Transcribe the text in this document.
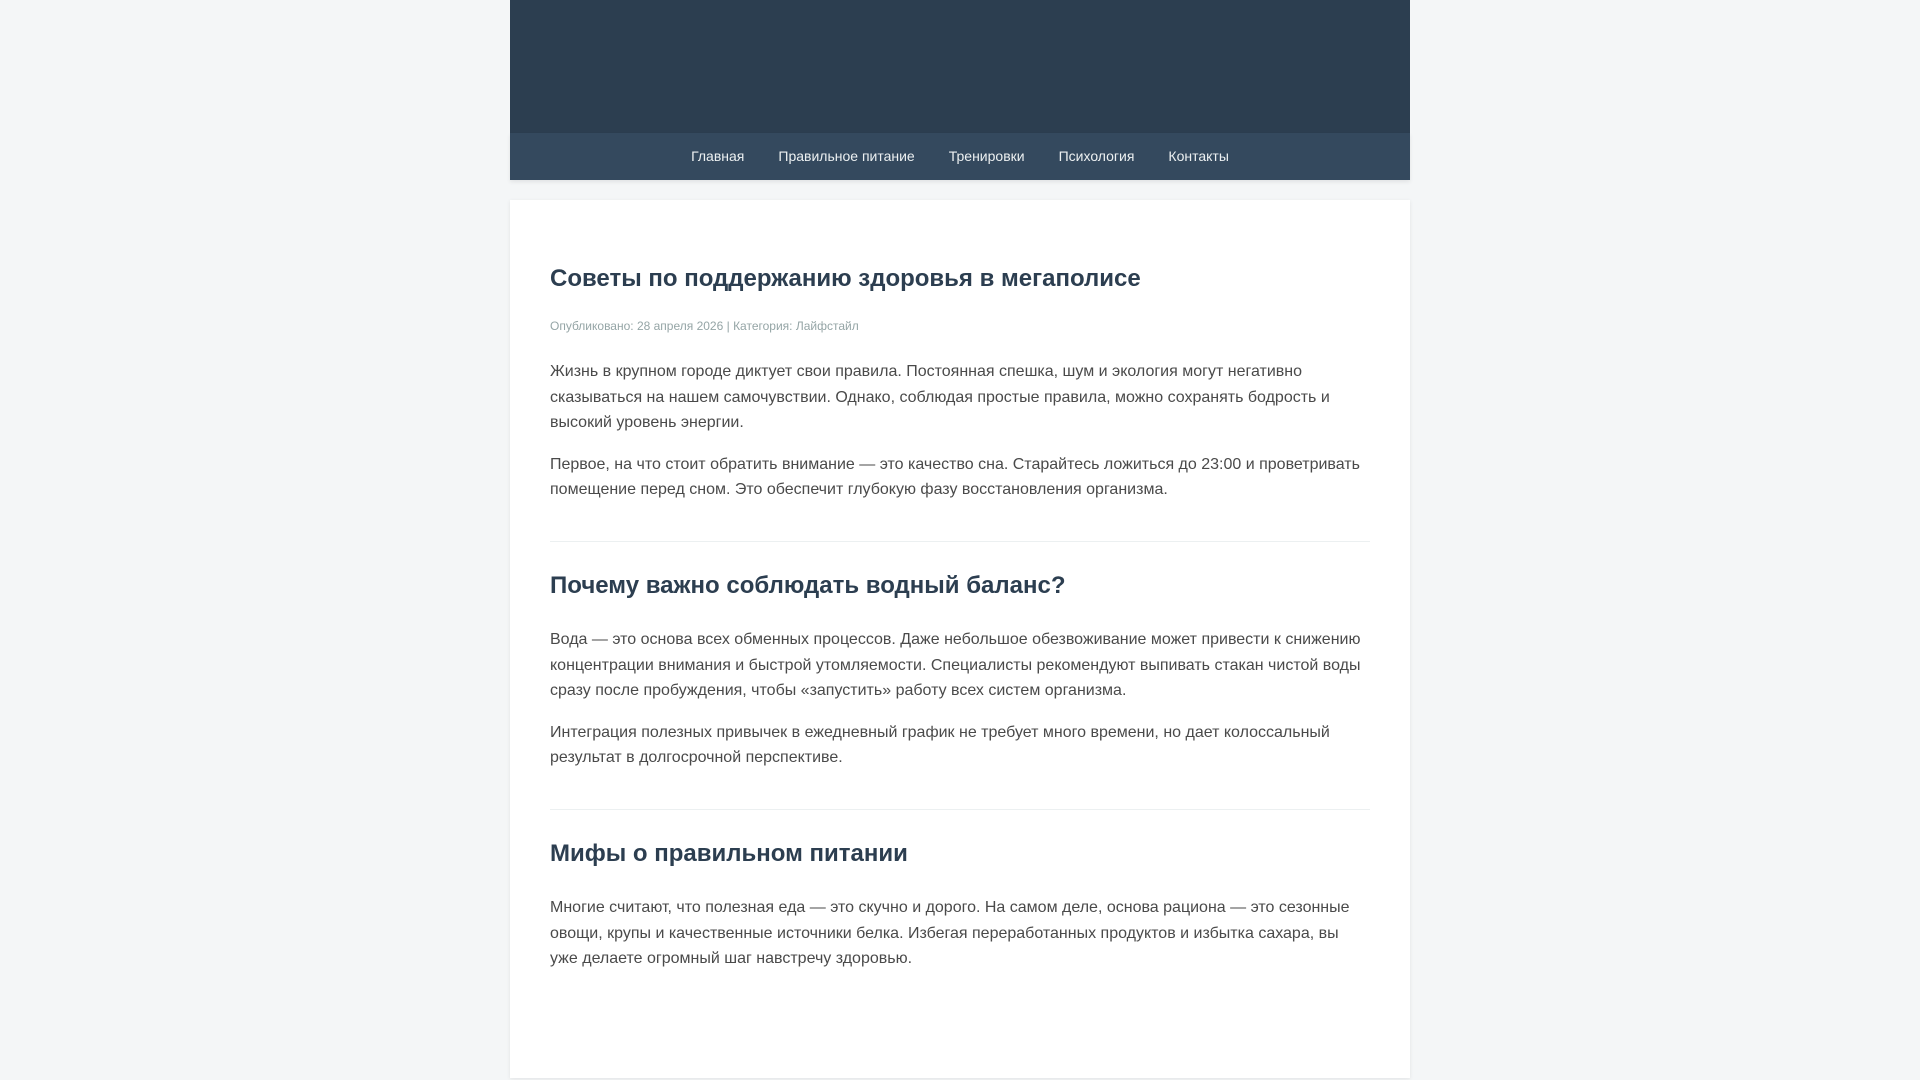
Главная Правильное питание Тренировки Психология Контакты
Советы по поддержанию здоровья в мегаполисе
Опубликовано: 28 апреля 2026 | Категория: Лайфстайл

Жизнь в крупном городе диктует свои правила. Постоянная спешка, шум и экология могут негативно сказываться на нашем самочувствии. Однако, соблюдая простые правила, можно сохранять бодрость и высокий уровень энергии.

Первое, на что стоит обратить внимание — это качество сна. Старайтесь ложиться до 23:00 и проветривать помещение перед сном. Это обеспечит глубокую фазу восстановления организма.

Почему важно соблюдать водный баланс?

Вода — это основа всех обменных процессов. Даже небольшое обезвоживание может привести к снижению концентрации внимания и быстрой утомляемости. Специалисты рекомендуют выпивать стакан чистой воды сразу после пробуждения, чтобы «запустить» работу всех систем организма.

Интеграция полезных привычек в ежедневный график не требует много времени, но дает колоссальный результат в долгосрочной перспективе.

Мифы о правильном питании

Многие считают, что полезная еда — это скучно и дорого. На самом деле, основа рациона — это сезонные овощи, крупы и качественные источники белка. Избегая переработанных продуктов и избытка сахара, вы уже делаете огромный шаг навстречу здоровью.
